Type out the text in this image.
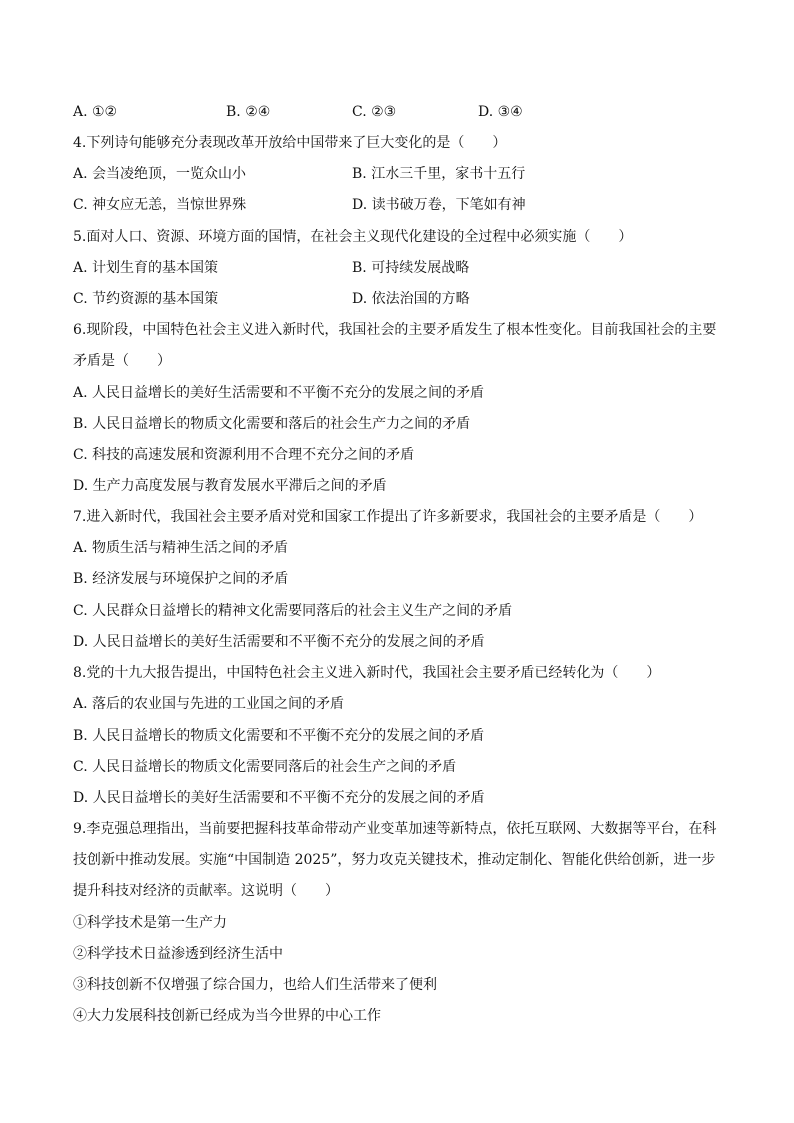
A. ①②	B. ②④	C. ②③	D. ③④
4.下列诗句能够充分表现改革开放给中国带来了巨大变化的是（　　）
A. 会当凌绝顶，一览众山小	B. 江水三千里，家书十五行
C. 神女应无恙，当惊世界殊	D. 读书破万卷，下笔如有神
5.面对人口、资源、环境方面的国情，在社会主义现代化建设的全过程中必须实施（　　）
A. 计划生育的基本国策	B. 可持续发展战略
C. 节约资源的基本国策	D. 依法治国的方略
6.现阶段，中国特色社会主义进入新时代，我国社会的主要矛盾发生了根本性变化。目前我国社会的主要
矛盾是（　　）
A. 人民日益增长的美好生活需要和不平衡不充分的发展之间的矛盾
B. 人民日益增长的物质文化需要和落后的社会生产力之间的矛盾
C. 科技的高速发展和资源利用不合理不充分之间的矛盾
D. 生产力高度发展与教育发展水平滞后之间的矛盾
7.进入新时代，我国社会主要矛盾对党和国家工作提出了许多新要求，我国社会的主要矛盾是（　　）
A. 物质生活与精神生活之间的矛盾
B. 经济发展与环境保护之间的矛盾
C. 人民群众日益增长的精神文化需要同落后的社会主义生产之间的矛盾
D. 人民日益增长的美好生活需要和不平衡不充分的发展之间的矛盾
8.党的十九大报告提出，中国特色社会主义进入新时代，我国社会主要矛盾已经转化为（　　）
A. 落后的农业国与先进的工业国之间的矛盾
B. 人民日益增长的物质文化需要和不平衡不充分的发展之间的矛盾
C. 人民日益增长的物质文化需要同落后的社会生产之间的矛盾
D. 人民日益增长的美好生活需要和不平衡不充分的发展之间的矛盾
9.李克强总理指出，当前要把握科技革命带动产业变革加速等新特点，依托互联网、大数据等平台，在科
技创新中推动发展。实施“中国制造 2025”，努力攻克关键技术，推动定制化、智能化供给创新，进一步
提升科技对经济的贡献率。这说明（　　）
①科学技术是第一生产力
②科学技术日益渗透到经济生活中
③科技创新不仅增强了综合国力，也给人们生活带来了便利
④大力发展科技创新已经成为当今世界的中心工作
